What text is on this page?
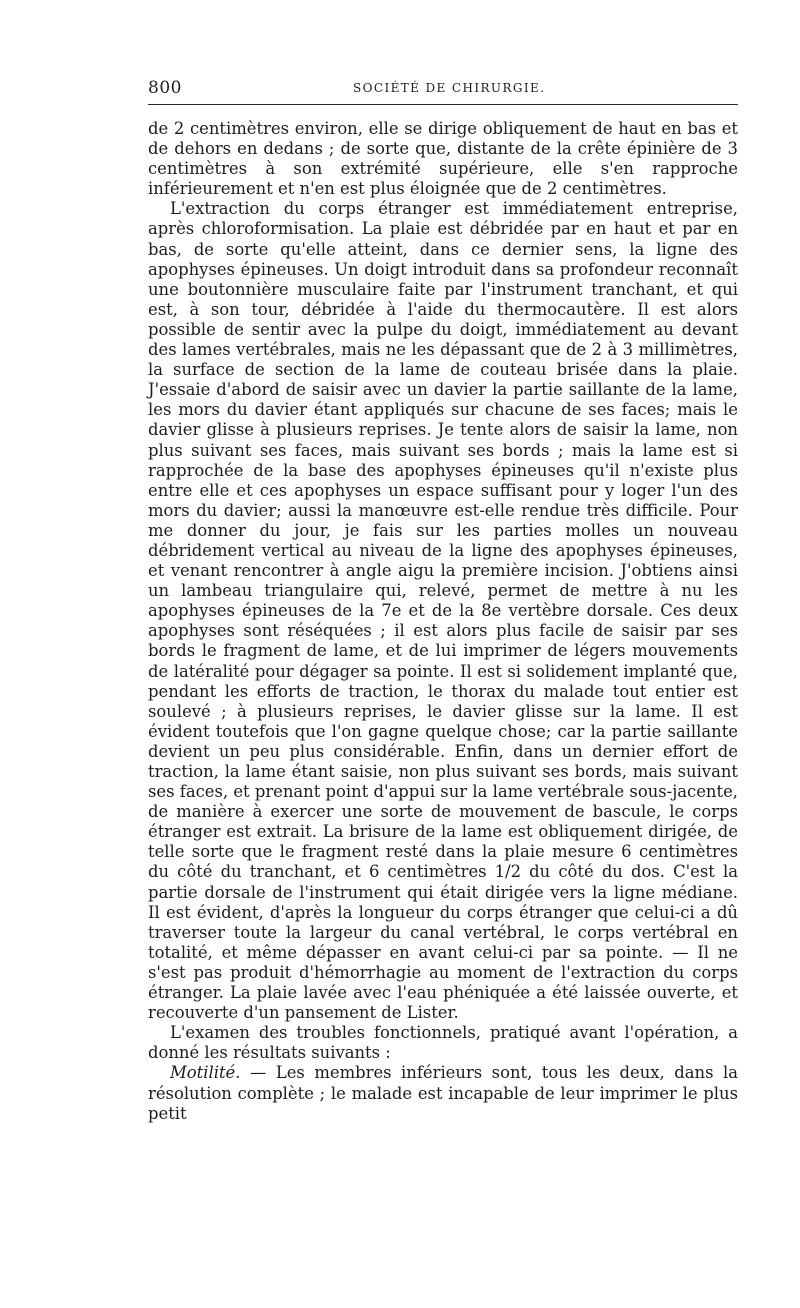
800	SOCIÉTÉ DE CHIRURGIE.

de 2 centimètres environ, elle se dirige obliquement de haut en bas et de dehors en dedans ; de sorte que, distante de la crête épinière de 3 centimètres à son extrémité supérieure, elle s'en rapproche inférieurement et n'en est plus éloignée que de 2 centimètres.

L'extraction du corps étranger est immédiatement entreprise, après chloroformisation. La plaie est débridée par en haut et par en bas, de sorte qu'elle atteint, dans ce dernier sens, la ligne des apophyses épineuses. Un doigt introduit dans sa profondeur reconnaît une boutonnière musculaire faite par l'instrument tranchant, et qui est, à son tour, débridée à l'aide du thermocautère. Il est alors possible de sentir avec la pulpe du doigt, immédiatement au devant des lames vertébrales, mais ne les dépassant que de 2 à 3 millimètres, la surface de section de la lame de couteau brisée dans la plaie. J'essaie d'abord de saisir avec un davier la partie saillante de la lame, les mors du davier étant appliqués sur chacune de ses faces; mais le davier glisse à plusieurs reprises. Je tente alors de saisir la lame, non plus suivant ses faces, mais suivant ses bords ; mais la lame est si rapprochée de la base des apophyses épineuses qu'il n'existe plus entre elle et ces apophyses un espace suffisant pour y loger l'un des mors du davier; aussi la manœuvre est-elle rendue très difficile. Pour me donner du jour, je fais sur les parties molles un nouveau débridement vertical au niveau de la ligne des apophyses épineuses, et venant rencontrer à angle aigu la première incision. J'obtiens ainsi un lambeau triangulaire qui, relevé, permet de mettre à nu les apophyses épineuses de la 7e et de la 8e vertèbre dorsale. Ces deux apophyses sont réséquées ; il est alors plus facile de saisir par ses bords le fragment de lame, et de lui imprimer de légers mouvements de latéralité pour dégager sa pointe. Il est si solidement implanté que, pendant les efforts de traction, le thorax du malade tout entier est soulevé ; à plusieurs reprises, le davier glisse sur la lame. Il est évident toutefois que l'on gagne quelque chose; car la partie saillante devient un peu plus considérable. Enfin, dans un dernier effort de traction, la lame étant saisie, non plus suivant ses bords, mais suivant ses faces, et prenant point d'appui sur la lame vertébrale sous-jacente, de manière à exercer une sorte de mouvement de bascule, le corps étranger est extrait. La brisure de la lame est obliquement dirigée, de telle sorte que le fragment resté dans la plaie mesure 6 centimètres du côté du tranchant, et 6 centimètres 1/2 du côté du dos. C'est la partie dorsale de l'instrument qui était dirigée vers la ligne médiane. Il est évident, d'après la longueur du corps étranger que celui-ci a dû traverser toute la largeur du canal vertébral, le corps vertébral en totalité, et même dépasser en avant celui-ci par sa pointe. — Il ne s'est pas produit d'hémorrhagie au moment de l'extraction du corps étranger. La plaie lavée avec l'eau phéniquée a été laissée ouverte, et recouverte d'un pansement de Lister.

L'examen des troubles fonctionnels, pratiqué avant l'opération, a donné les résultats suivants :

Motilité. — Les membres inférieurs sont, tous les deux, dans la résolution complète ; le malade est incapable de leur imprimer le plus petit
